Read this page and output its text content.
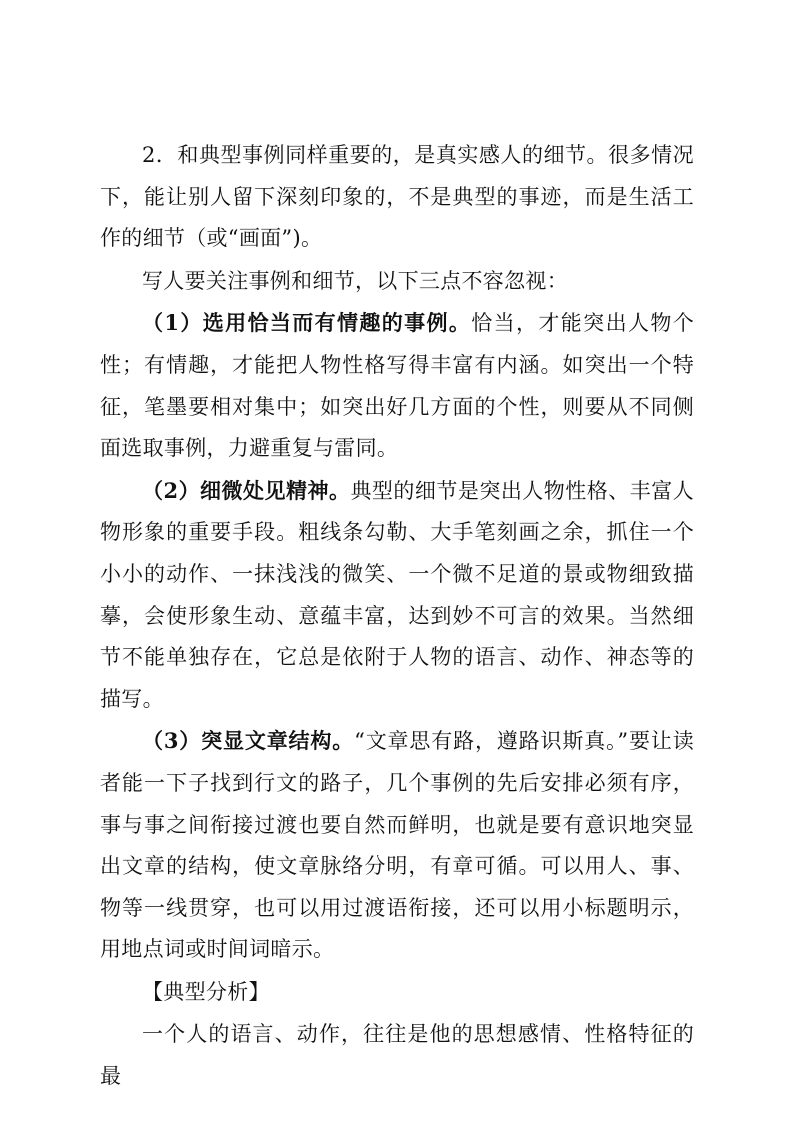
2．和典型事例同样重要的，是真实感人的细节。很多情况下，能让别人留下深刻印象的，不是典型的事迹，而是生活工作的细节（或“画面”)。

写人要关注事例和细节，以下三点不容忽视：

（1）选用恰当而有情趣的事例。恰当，才能突出人物个性；有情趣，才能把人物性格写得丰富有内涵。如突出一个特征，笔墨要相对集中；如突出好几方面的个性，则要从不同侧面选取事例，力避重复与雷同。

（2）细微处见精神。典型的细节是突出人物性格、丰富人物形象的重要手段。粗线条勾勒、大手笔刻画之余，抓住一个小小的动作、一抹浅浅的微笑、一个微不足道的景或物细致描摹，会使形象生动、意蕴丰富，达到妙不可言的效果。当然细节不能单独存在，它总是依附于人物的语言、动作、神态等的描写。

（3）突显文章结构。“文章思有路，遵路识斯真。”要让读者能一下子找到行文的路子，几个事例的先后安排必须有序，事与事之间衔接过渡也要自然而鲜明，也就是要有意识地突显出文章的结构，使文章脉络分明，有章可循。可以用人、事、物等一线贯穿，也可以用过渡语衔接，还可以用小标题明示，用地点词或时间词暗示。

【典型分析】

一个人的语言、动作，往往是他的思想感情、性格特征的最
